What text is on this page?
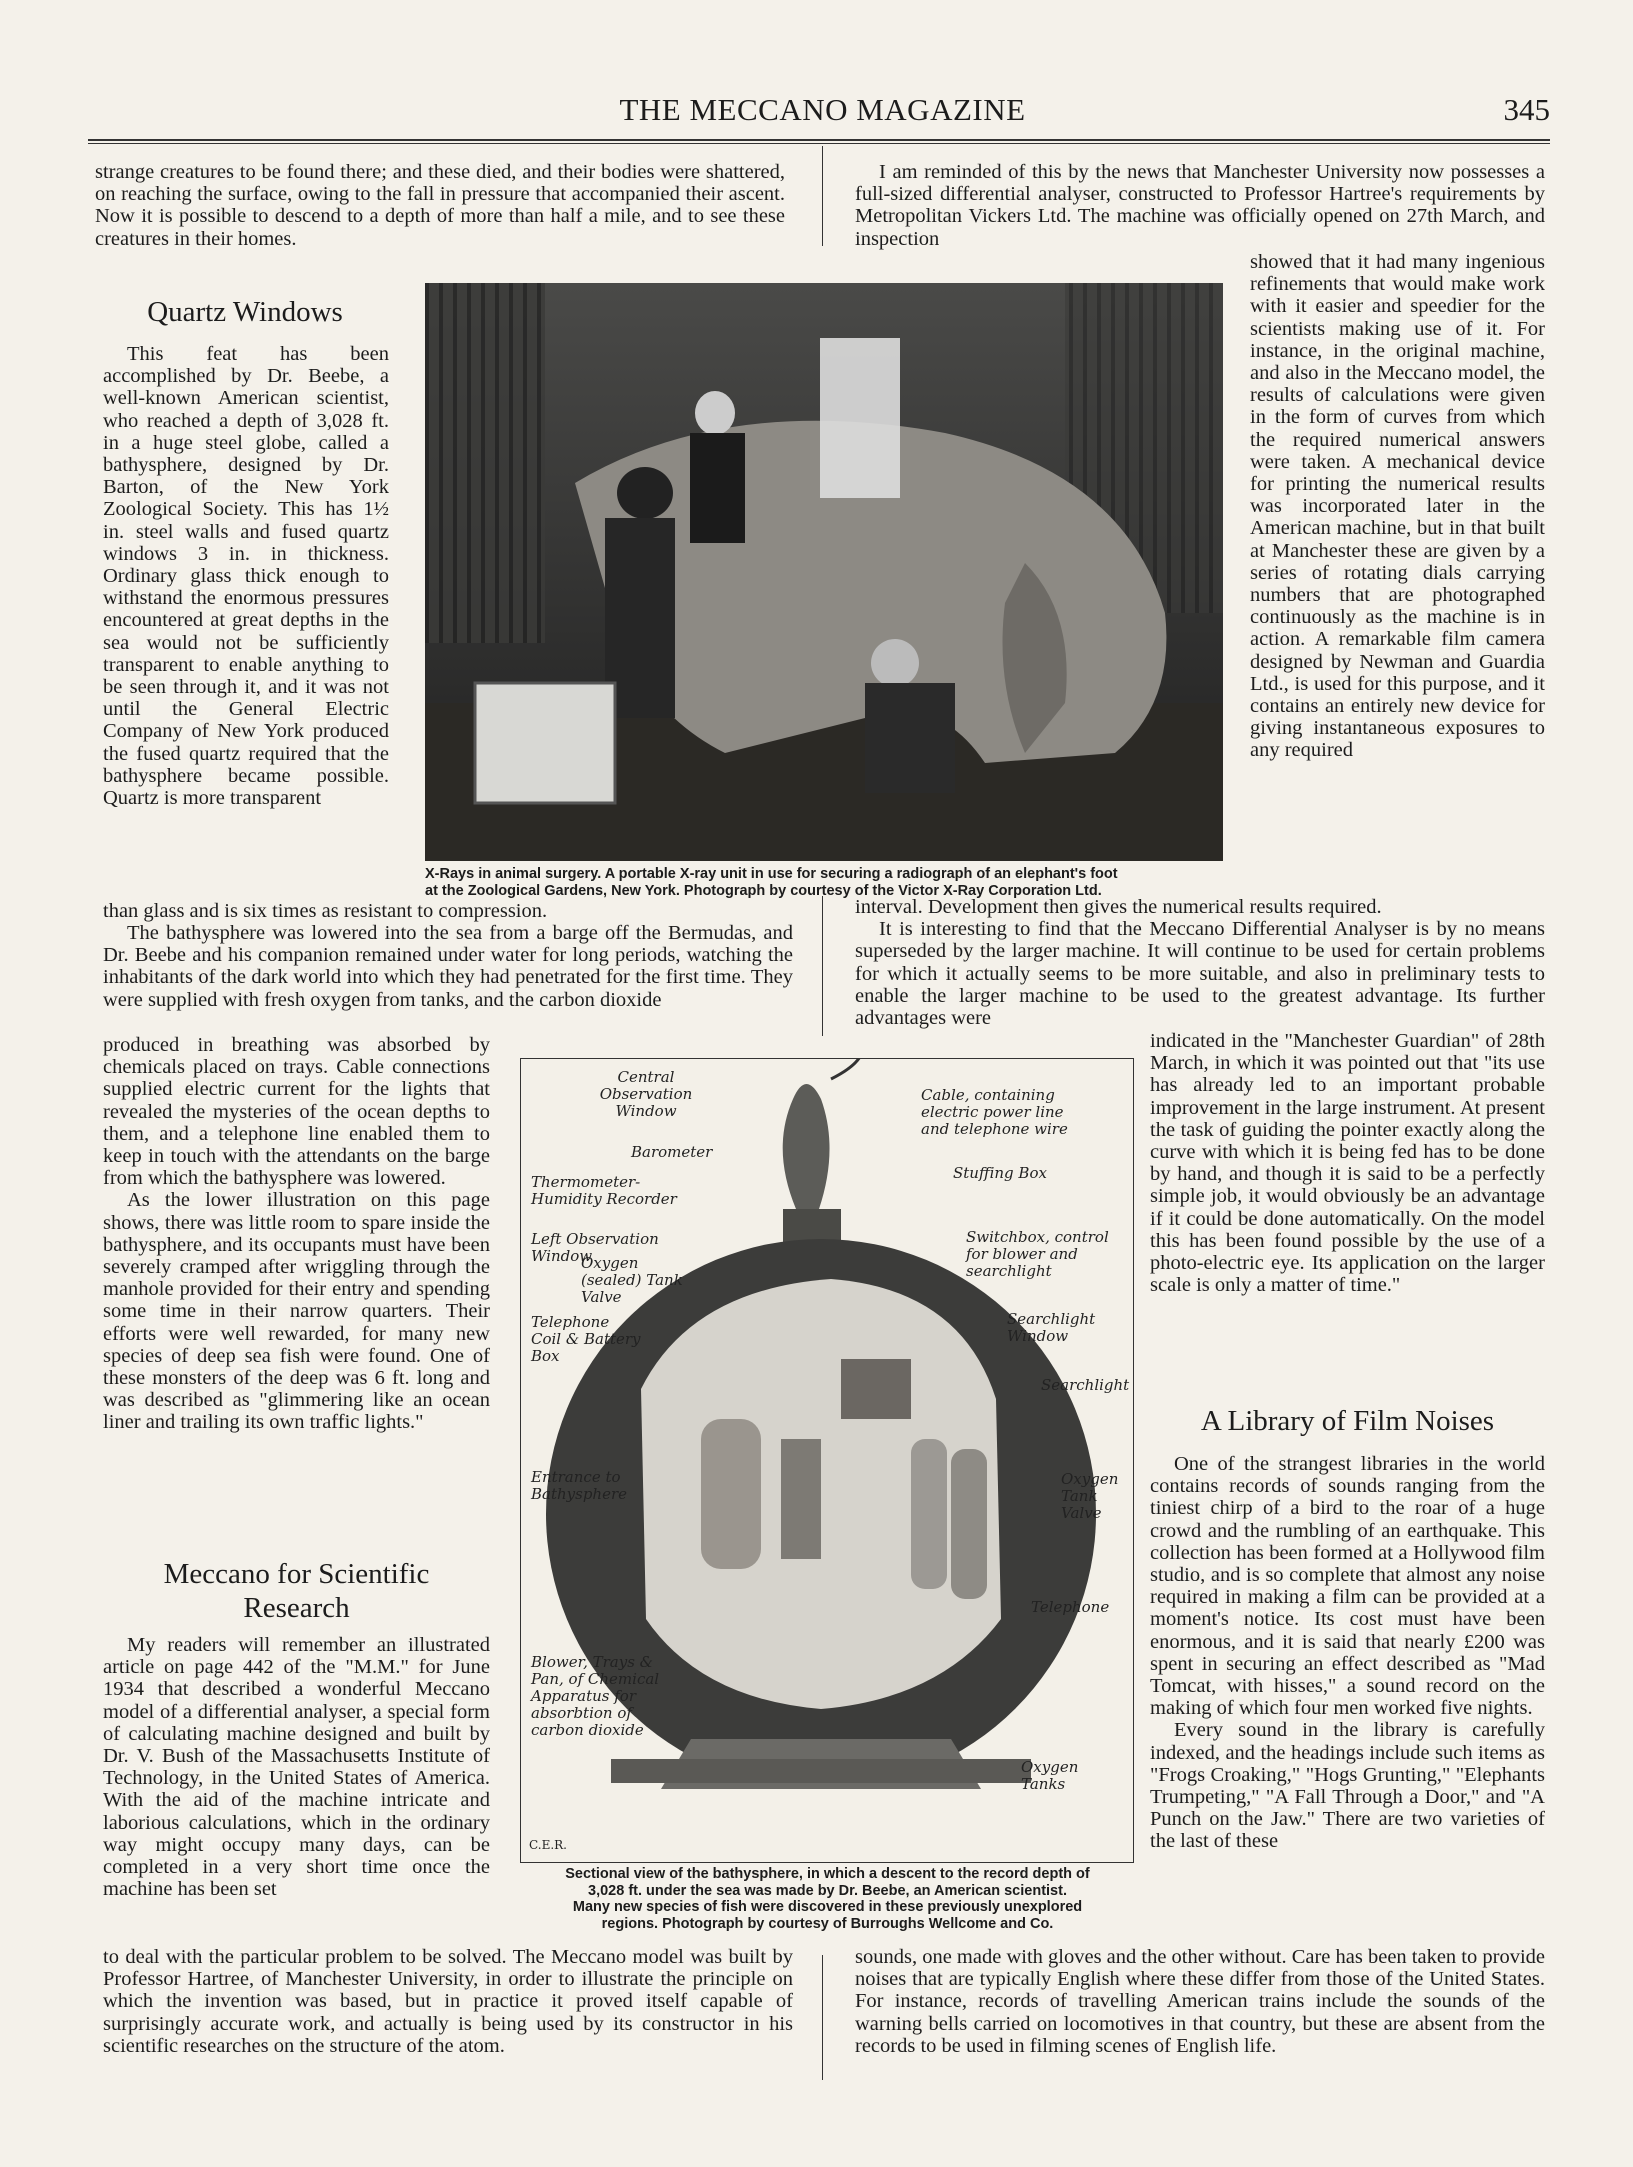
THE MECCANO MAGAZINE	345
strange creatures to be found there; and these died, and their bodies were shattered, on reaching the surface, owing to the fall in pressure that accompanied their ascent. Now it is possible to descend to a depth of more than half a mile, and to see these creatures in their homes.
Quartz Windows

This feat has been accomplished by Dr. Beebe, a well-known American scientist, who reached a depth of 3,028 ft. in a huge steel globe, called a bathysphere, designed by Dr. Barton, of the New York Zoological Society. This has 1½ in. steel walls and fused quartz windows 3 in. in thickness. Ordinary glass thick enough to withstand the enormous pressures encountered at great depths in the sea would not be sufficiently transparent to enable anything to be seen through it, and it was not until the General Electric Company of New York produced the fused quartz required that the bathysphere became possible. Quartz is more transparent

than glass and is six times as resistant to compression.

The bathysphere was lowered into the sea from a barge off the Bermudas, and Dr. Beebe and his companion remained under water for long periods, watching the inhabitants of the dark world into which they had penetrated for the first time. They were supplied with fresh oxygen from tanks, and the carbon dioxide

produced in breathing was absorbed by chemicals placed on trays. Cable connections supplied electric current for the lights that revealed the mysteries of the ocean depths to them, and a telephone line enabled them to keep in touch with the attendants on the barge from which the bathysphere was lowered.

As the lower illustration on this page shows, there was little room to spare inside the bathysphere, and its occupants must have been severely cramped after wriggling through the manhole provided for their entry and spending some time in their narrow quarters. Their efforts were well rewarded, for many new species of deep sea fish were found. One of these monsters of the deep was 6 ft. long and was described as "glimmering like an ocean liner and trailing its own traffic lights."

Meccano for Scientific
Research

My readers will remember an illustrated article on page 442 of the "M.M." for June 1934 that described a wonderful Meccano model of a differential analyser, a special form of calculating machine designed and built by Dr. V. Bush of the Massachusetts Institute of Technology, in the United States of America. With the aid of the machine intricate and laborious calculations, which in the ordinary way might occupy many days, can be completed in a very short time once the machine has been set

to deal with the particular problem to be solved. The Meccano model was built by Professor Hartree, of Manchester University, in order to illustrate the principle on which the invention was based, but in practice it proved itself capable of surprisingly accurate work, and actually is being used by its constructor in his scientific researches on the structure of the atom.

I am reminded of this by the news that Manchester University now possesses a full-sized differential analyser, constructed to Professor Hartree's requirements by Metropolitan Vickers Ltd. The machine was officially opened on 27th March, and inspection

showed that it had many ingenious refinements that would make work with it easier and speedier for the scientists making use of it. For instance, in the original machine, and also in the Meccano model, the results of calculations were given in the form of curves from which the required numerical answers were taken. A mechanical device for printing the numerical results was incorporated later in the American machine, but in that built at Manchester these are given by a series of rotating dials carrying numbers that are photographed continuously as the machine is in action. A remarkable film camera designed by Newman and Guardia Ltd., is used for this purpose, and it contains an entirely new device for giving instantaneous exposures to any required

interval. Development then gives the numerical results required.

It is interesting to find that the Meccano Differential Analyser is by no means superseded by the larger machine. It will continue to be used for certain problems for which it actually seems to be more suitable, and also in preliminary tests to enable the larger machine to be used to the greatest advantage. Its further advantages were

indicated in the "Manchester Guardian" of 28th March, in which it was pointed out that "its use has already led to an important probable improvement in the large instrument. At present the task of guiding the pointer exactly along the curve with which it is being fed has to be done by hand, and though it is said to be a perfectly simple job, it would obviously be an advantage if it could be done automatically. On the model this has been found possible by the use of a photo-electric eye. Its application on the larger scale is only a matter of time."
A Library of Film Noises

One of the strangest libraries in the world contains records of sounds ranging from the tiniest chirp of a bird to the roar of a huge crowd and the rumbling of an earthquake. This collection has been formed at a Hollywood film studio, and is so complete that almost any noise required in making a film can be provided at a moment's notice. Its cost must have been enormous, and it is said that nearly £200 was spent in securing an effect described as "Mad Tomcat, with hisses," a sound record on the making of which four men worked five nights.

Every sound in the library is carefully indexed, and the headings include such items as "Frogs Croaking," "Hogs Grunting," "Elephants Trumpeting," "A Fall Through a Door," and "A Punch on the Jaw." There are two varieties of the last of these

sounds, one made with gloves and the other without. Care has been taken to provide noises that are typically English where these differ from those of the United States. For instance, records of travelling American trains include the sounds of the warning bells carried on locomotives in that country, but these are absent from the records to be used in filming scenes of English life.
X-Rays in animal surgery. A portable X-ray unit in use for securing a radiograph of an elephant's foot
at the Zoological Gardens, New York. Photograph by courtesy of the Victor X-Ray Corporation Ltd.
Central Observation Window
Cable, containing electric power line and telephone wire
Barometer
Thermometer-Humidity Recorder
Stuffing Box
Left Observation Window
Oxygen (sealed) Tank Valve
Switchbox, control for blower and searchlight
Telephone Coil & Battery Box
Searchlight Window
Searchlight
Entrance to Bathysphere
Oxygen Tank Valve
Telephone
Blower, Trays & Pan, of Chemical Apparatus for absorbtion of carbon dioxide
Oxygen Tanks
C.E.R.
Sectional view of the bathysphere, in which a descent to the record depth of
3,028 ft. under the sea was made by Dr. Beebe, an American scientist.
Many new species of fish were discovered in these previously unexplored
regions. Photograph by courtesy of Burroughs Wellcome and Co.
